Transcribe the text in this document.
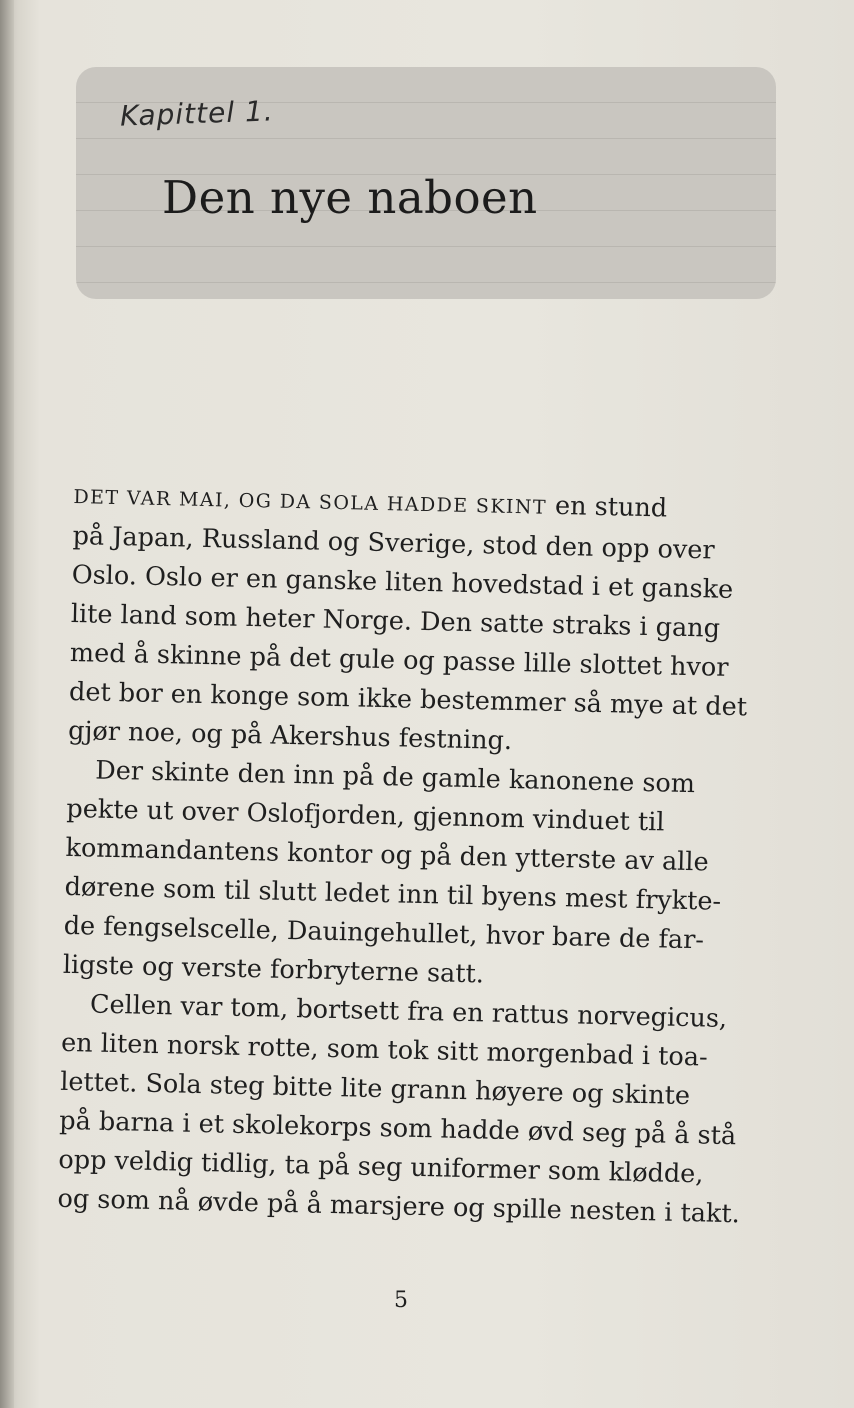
Kapittel 1.
Den nye naboen

DET VAR MAI, OG DA SOLA HADDE SKINT en stund
på Japan, Russland og Sverige, stod den opp over
Oslo. Oslo er en ganske liten hovedstad i et ganske
lite land som heter Norge. Den satte straks i gang
med å skinne på det gule og passe lille slottet hvor
det bor en konge som ikke bestemmer så mye at det
gjør noe, og på Akershus festning.

Der skinte den inn på de gamle kanonene som
pekte ut over Oslofjorden, gjennom vinduet til
kommandantens kontor og på den ytterste av alle
dørene som til slutt ledet inn til byens mest frykte-
de fengselscelle, Dauingehullet, hvor bare de far-
ligste og verste forbryterne satt.

Cellen var tom, bortsett fra en rattus norvegicus,
en liten norsk rotte, som tok sitt morgenbad i toa-
lettet. Sola steg bitte lite grann høyere og skinte
på barna i et skolekorps som hadde øvd seg på å stå
opp veldig tidlig, ta på seg uniformer som klødde,
og som nå øvde på å marsjere og spille nesten i takt.

5
